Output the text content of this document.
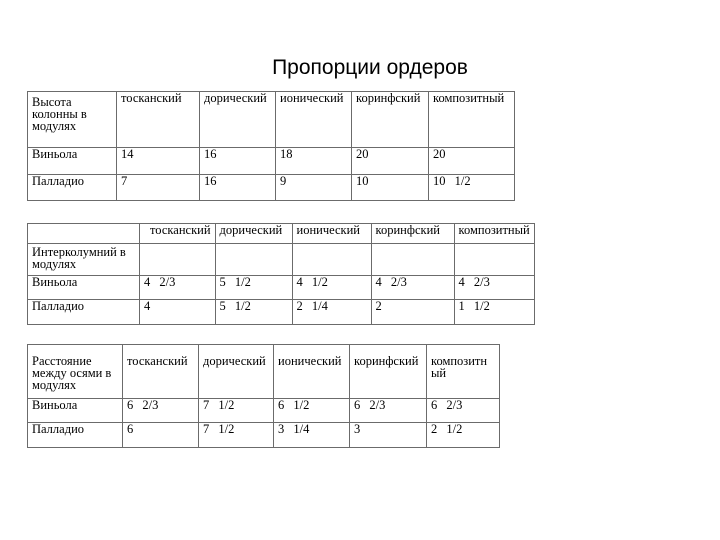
Пропорции ордеров
Высота колонны в модулях	тосканский	дорический	ионический	коринфский	композитный
Виньола	14	16	18	20	20
Палладио	7	16	9	10	10 1/2
	тосканский	дорический	ионический	коринфский	композитный

Интерколумний в модулях					

Виньола	4 2/3	5 1/2	4 1/2	4 2/3	4 2/3
Палладио	4	5 1/2	2 1/4	2	1 1/2
Расстояние между осями в модулях	тосканский	дорический	ионический	коринфский	композитный
Виньола	6 2/3	7 1/2	6 1/2	6 2/3	6 2/3
Палладио	6	7 1/2	3 1/4	3	2 1/2
